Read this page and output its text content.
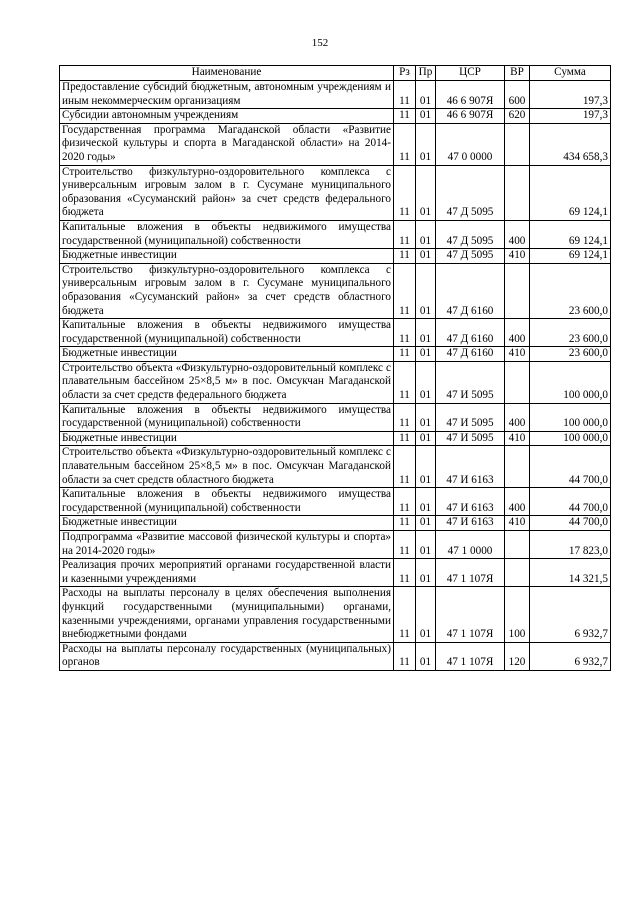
152
Наименование	Рз	Пр	ЦСР	ВР	Сумма
Предоставление субсидий бюджетным, автономным учреждениям и иным некоммерческим организациям	11	01	46 6 907Я	600	197,3
Субсидии автономным учреждениям	11	01	46 6 907Я	620	197,3
Государственная программа Магаданской области «Развитие физической культуры и спорта в Магаданской области» на 2014-2020 годы»	11	01	47 0 0000		434 658,3
Строительство физкультурно-оздоровительного комплекса с универсальным игровым залом в г. Сусумане муниципального образования «Сусуманский район» за счет средств федерального бюджета	11	01	47 Д 5095		69 124,1
Капитальные вложения в объекты недвижимого имущества государственной (муниципальной) собственности	11	01	47 Д 5095	400	69 124,1
Бюджетные инвестиции	11	01	47 Д 5095	410	69 124,1
Строительство физкультурно-оздоровительного комплекса с универсальным игровым залом в г. Сусумане муниципального образования «Сусуманский район» за счет средств областного бюджета	11	01	47 Д 6160		23 600,0
Капитальные вложения в объекты недвижимого имущества государственной (муниципальной) собственности	11	01	47 Д 6160	400	23 600,0
Бюджетные инвестиции	11	01	47 Д 6160	410	23 600,0
Строительство объекта «Физкультурно-оздоровительный комплекс с плавательным бассейном 25×8,5 м» в пос. Омсукчан Магаданской области за счет средств федерального бюджета	11	01	47 И 5095		100 000,0
Капитальные вложения в объекты недвижимого имущества государственной (муниципальной) собственности	11	01	47 И 5095	400	100 000,0
Бюджетные инвестиции	11	01	47 И 5095	410	100 000,0
Строительство объекта «Физкультурно-оздоровительный комплекс с плавательным бассейном 25×8,5 м» в пос. Омсукчан Магаданской области за счет средств областного бюджета	11	01	47 И 6163		44 700,0
Капитальные вложения в объекты недвижимого имущества государственной (муниципальной) собственности	11	01	47 И 6163	400	44 700,0
Бюджетные инвестиции	11	01	47 И 6163	410	44 700,0
Подпрограмма «Развитие массовой физической культуры и спорта» на 2014-2020 годы»	11	01	47 1 0000		17 823,0
Реализация прочих мероприятий органами государственной власти и казенными учреждениями	11	01	47 1 107Я		14 321,5
Расходы на выплаты персоналу в целях обеспечения выполнения функций государственными (муниципальными) органами, казенными учреждениями, органами управления государственными внебюджетными фондами	11	01	47 1 107Я	100	6 932,7
Расходы на выплаты персоналу государственных (муниципальных) органов	11	01	47 1 107Я	120	6 932,7
